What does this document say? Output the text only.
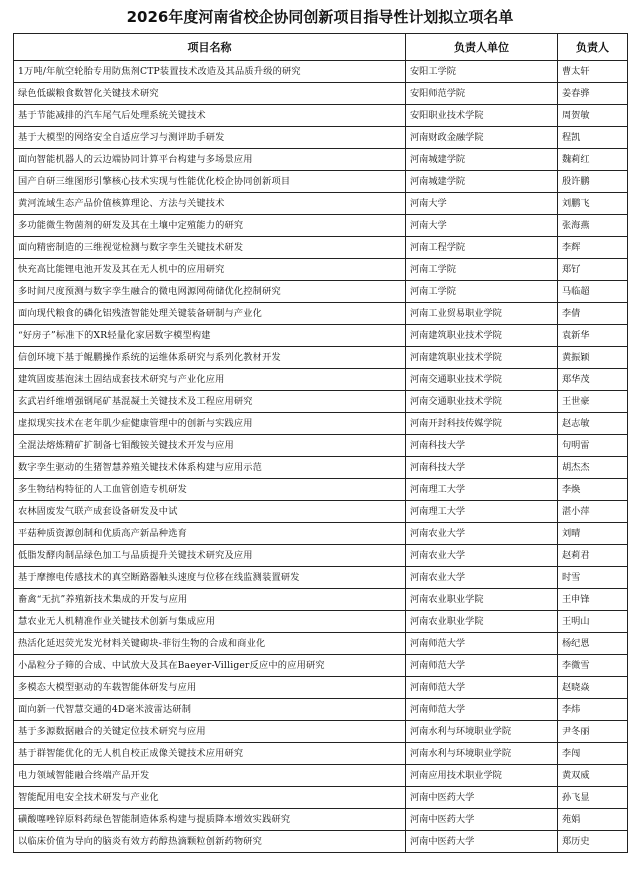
2026年度河南省校企协同创新项目指导性计划拟立项名单
项目名称	负责人单位	负责人
1万吨/年航空轮胎专用防焦剂CTP装置技术改造及其品质升级的研究	安阳工学院	曹太轩
绿色低碳粮食数智化关键技术研究	安阳师范学院	姜春骅
基于节能减排的汽车尾气后处理系统关键技术	安阳职业技术学院	周贺敏
基于大模型的网络安全自适应学习与测评助手研发	河南财政金融学院	程凯
面向智能机器人的云边端协同计算平台构建与多场景应用	河南城建学院	魏莉红
国产自研三维图形引擎核心技术实现与性能优化校企协同创新项目	河南城建学院	殷许鹏
黄河流域生态产品价值核算理论、方法与关键技术	河南大学	刘鹏飞
多功能微生物菌剂的研发及其在土壤中定殖能力的研究	河南大学	张海燕
面向精密制造的三维视觉检测与数字孪生关键技术研发	河南工程学院	李辉
快充高比能锂电池开发及其在无人机中的应用研究	河南工学院	郑钌
多时间尺度预测与数字孪生融合的微电网源网荷储优化控制研究	河南工学院	马临超
面向现代粮食的磷化铝残渣智能处理关键装备研制与产业化	河南工业贸易职业学院	李倩
“好房子”标准下的XR轻量化家居数字模型构建	河南建筑职业技术学院	袁新华
信创环境下基于鲲鹏操作系统的运维体系研究与系列化教材开发	河南建筑职业技术学院	黄振颖
建筑固废基泡沫土固结成套技术研究与产业化应用	河南交通职业技术学院	郑华茂
玄武岩纤维增强钢尾矿基混凝土关键技术及工程应用研究	河南交通职业技术学院	王世豪
虚拟现实技术在老年肌少症健康管理中的创新与实践应用	河南开封科技传媒学院	赵志敏
全混法熔炼精矿扩制备七钼酸铵关键技术开发与应用	河南科技大学	句明雷
数字孪生驱动的生猪智慧养殖关键技术体系构建与应用示范	河南科技大学	胡杰杰
多生物结构特征的人工血管创造专机研发	河南理工大学	李焕
农林固废发气联产成套设备研发及中试	河南理工大学	湛小萍
平菇种质资源创制和优质高产新品种选育	河南农业大学	刘晴
低脂发酵肉制品绿色加工与品质提升关键技术研究及应用	河南农业大学	赵莉君
基于摩擦电传感技术的真空断路器触头速度与位移在线监测装置研发	河南农业大学	时雪
畜禽“无抗”养殖新技术集成的开发与应用	河南农业职业学院	王申锋
慧农业无人机精准作业关键技术创新与集成应用	河南农业职业学院	王明山
热活化延迟荧光发光材料关键砌块-菲衍生物的合成和商业化	河南师范大学	杨纪恩
小晶粒分子筛的合成、中试放大及其在Baeyer-Villiger反应中的应用研究	河南师范大学	李微雪
多模态大模型驱动的车载智能体研发与应用	河南师范大学	赵晓焱
面向新一代智慧交通的4D毫米波雷达研制	河南师范大学	李炜
基于多源数据融合的关键定位技术研究与应用	河南水利与环境职业学院	尹冬丽
基于群智能优化的无人机自校正成像关键技术应用研究	河南水利与环境职业学院	李闯
电力领域智能融合终端产品开发	河南应用技术职业学院	黄双威
智能配用电安全技术研发与产业化	河南中医药大学	孙飞显
磺酸噻唑锌原料药绿色智能制造体系构建与提质降本增效实践研究	河南中医药大学	苑娟
以临床价值为导向的脑炎有效方药醇热滴颗粒创新药物研究	河南中医药大学	郑历史
